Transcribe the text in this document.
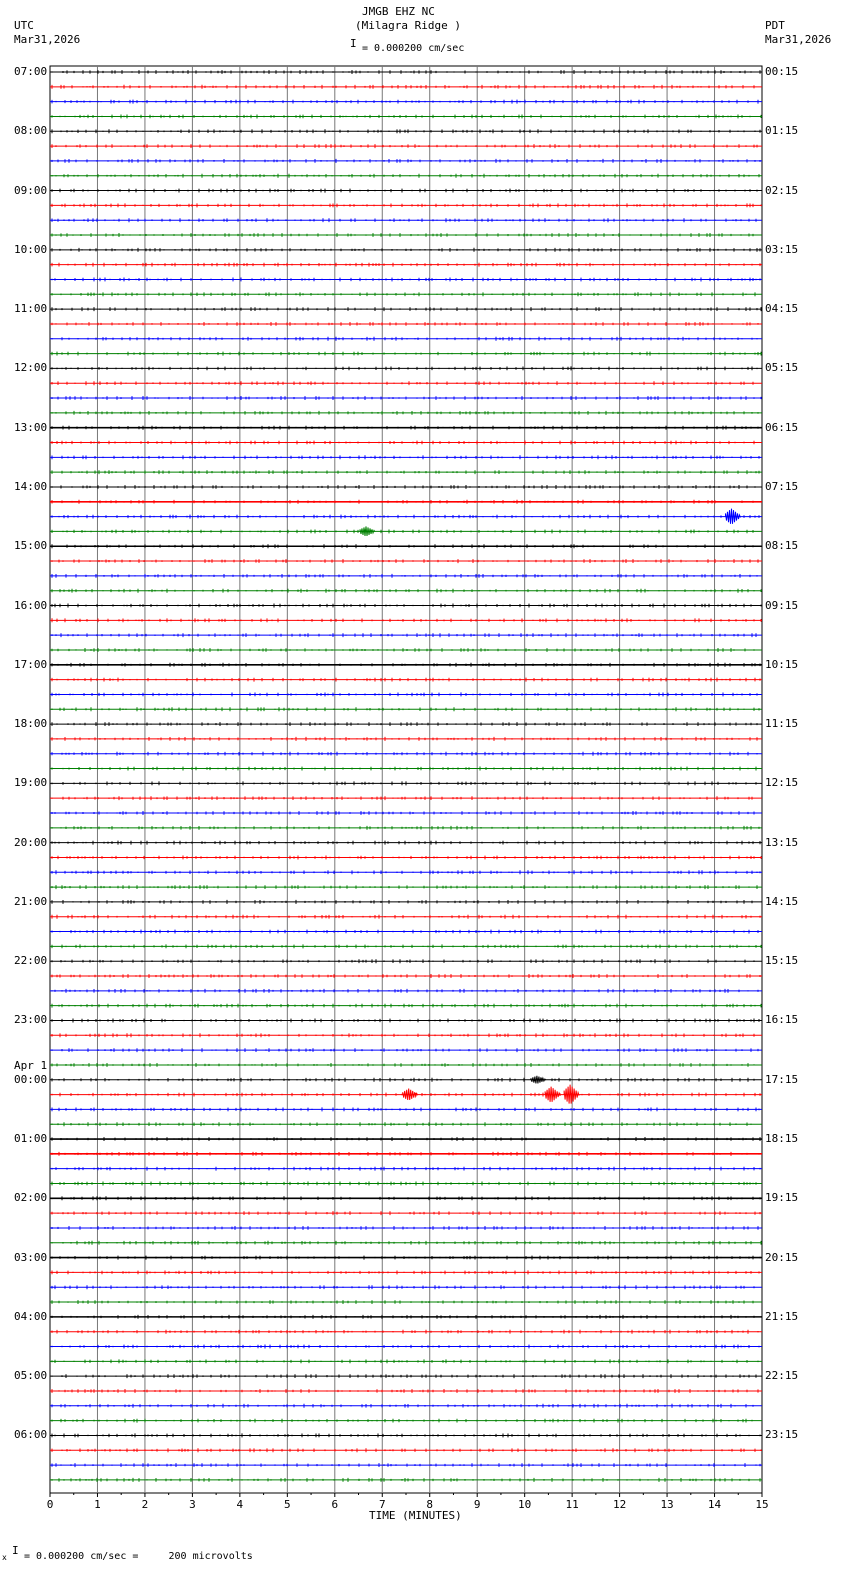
JMGB EHZ NC
(Milagra Ridge )
I = 0.000200 cm/sec
UTC
Mar31,2026
PDT
Mar31,2026
0	1	2	3	4	5	6	7	8	9	10	11	12	13	14	15
07:00
08:00
09:00
10:00
11:00
12:00
13:00
14:00
15:00
16:00
17:00
18:00
19:00
20:00
21:00
22:00
23:00
Apr 1
00:00
01:00
02:00
03:00
04:00
05:00
06:00
00:15
01:15
02:15
03:15
04:15
05:15
06:15
07:15
08:15
09:15
10:15
11:15
12:15
13:15
14:15
15:15
16:15
17:15
18:15
19:15
20:15
21:15
22:15
23:15
TIME (MINUTES)
x
I = 0.000200 cm/sec =     200 microvolts
